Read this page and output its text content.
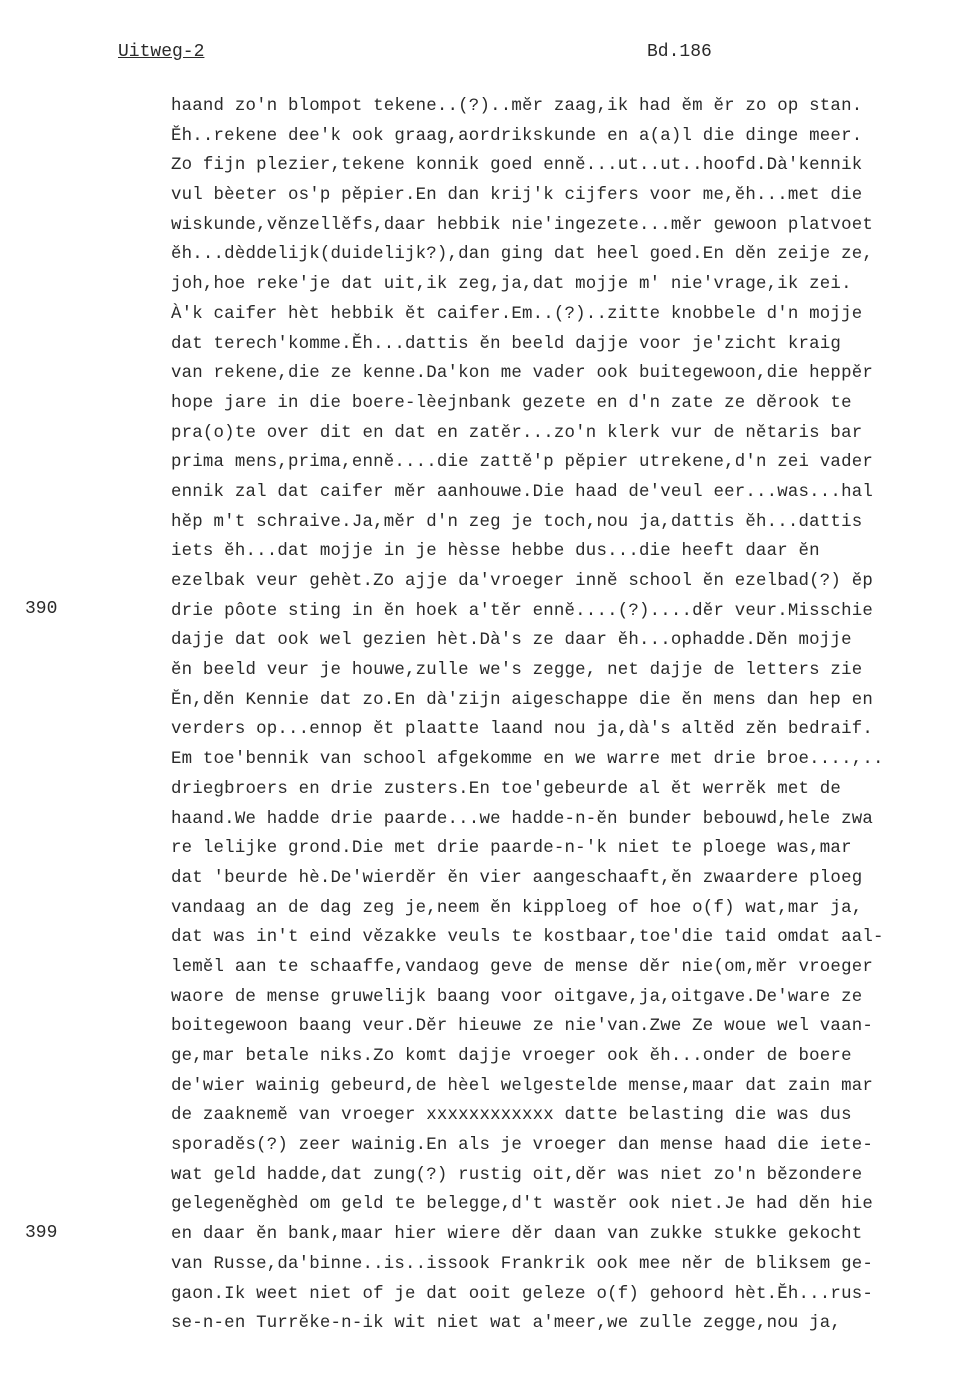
Uitweg-2	Bd.186
haand zo'n blompot tekene..(?)..mĕr zaag,ik had ĕm ĕr zo op stan.
Ĕh..rekene dee'k ook graag,aordrikskunde en a(a)l die dinge meer.
Zo fijn plezier,tekene konnik goed ennĕ...ut..ut..hoofd.Dà'kennik
vul bèeter os'p pĕpier.En dan krij'k cijfers voor me,ĕh...met die
wiskunde,vĕnzellĕfs,daar hebbik nie'ingezete...mĕr gewoon platvoet
ĕh...dèddelijk(duidelijk?),dan ging dat heel goed.En dĕn zeije ze,
joh,hoe reke'je dat uit,ik zeg,ja,dat mojje m' nie'vrage,ik zei.
À'k caifer hèt hebbik ĕt caifer.Em..(?)..zitte knobbele d'n mojje
dat terech'komme.Ĕh...dattis ĕn beeld dajje voor je'zicht kraig
van rekene,die ze kenne.Da'kon me vader ook buitegewoon,die heppĕr
hope jare in die boere-lèejnbank gezete en d'n zate ze dĕrook te
pra(o)te over dit en dat en zatĕr...zo'n klerk vur de nĕtaris bar
prima mens,prima,ennĕ....die zattĕ'p pĕpier utrekene,d'n zei vader
ennik zal dat caifer mĕr aanhouwe.Die haad de'veul eer...was...hal
hĕp m't schraive.Ja,mĕr d'n zeg je toch,nou ja,dattis ĕh...dattis
iets ĕh...dat mojje in je hèsse hebbe dus...die heeft daar ĕn
ezelbak veur gehèt.Zo ajje da'vroeger innĕ school ĕn ezelbad(?) ĕp
drie pôote sting in ĕn hoek a'tĕr ennĕ....(?)....dĕr veur.Misschie
dajje dat ook wel gezien hèt.Dà's ze daar ĕh...ophadde.Dĕn mojje
ĕn beeld veur je houwe,zulle we's zegge, net dajje de letters zie
Ĕn,dĕn Kennie dat zo.En dà'zijn aigeschappe die ĕn mens dan hep en
verders op...ennop ĕt plaatte laand nou ja,dà's altĕd zĕn bedraif.
Em toe'bennik van school afgekomme en we warre met drie broe....,..
driegbroers en drie zusters.En toe'gebeurde al ĕt werrĕk met de
haand.We hadde drie paarde...we hadde-n-ĕn bunder bebouwd,hele zwa
re lelijke grond.Die met drie paarde-n-'k niet te ploege was,mar
dat 'beurde hè.De'wierdĕr ĕn vier aangeschaaft,ĕn zwaardere ploeg
vandaag an de dag zeg je,neem ĕn kipploeg of hoe o(f) wat,mar ja,
dat was in't eind vĕzakke veuls te kostbaar,toe'die taid omdat aal-
lemĕl aan te schaaffe,vandaog geve de mense dĕr nie(om,mĕr vroeger
waore de mense gruwelijk baang voor oitgave,ja,oitgave.De'ware ze
boitegewoon baang veur.Dĕr hieuwe ze nie'van.Zwe Ze woue wel vaan-
ge,mar betale niks.Zo komt dajje vroeger ook ĕh...onder de boere
de'wier wainig gebeurd,de hèel welgestelde mense,maar dat zain mar
de zaaknemĕ van vroeger xxxxxxxxxxxx datte belasting die was dus
sporadĕs(?) zeer wainig.En als je vroeger dan mense haad die iete-
wat geld hadde,dat zung(?) rustig oit,dĕr was niet zo'n bĕzondere
gelegenĕghèd om geld te belegge,d't wastĕr ook niet.Je had dĕn hie
en daar ĕn bank,maar hier wiere dĕr daan van zukke stukke gekocht
van Russe,da'binne..is..issook Frankrik ook mee nĕr de bliksem ge-
gaon.Ik weet niet of je dat ooit geleze o(f) gehoord hèt.Ĕh...rus-
se-n-en Turrĕke-n-ik wit niet wat a'meer,we zulle zegge,nou ja,
390
399
